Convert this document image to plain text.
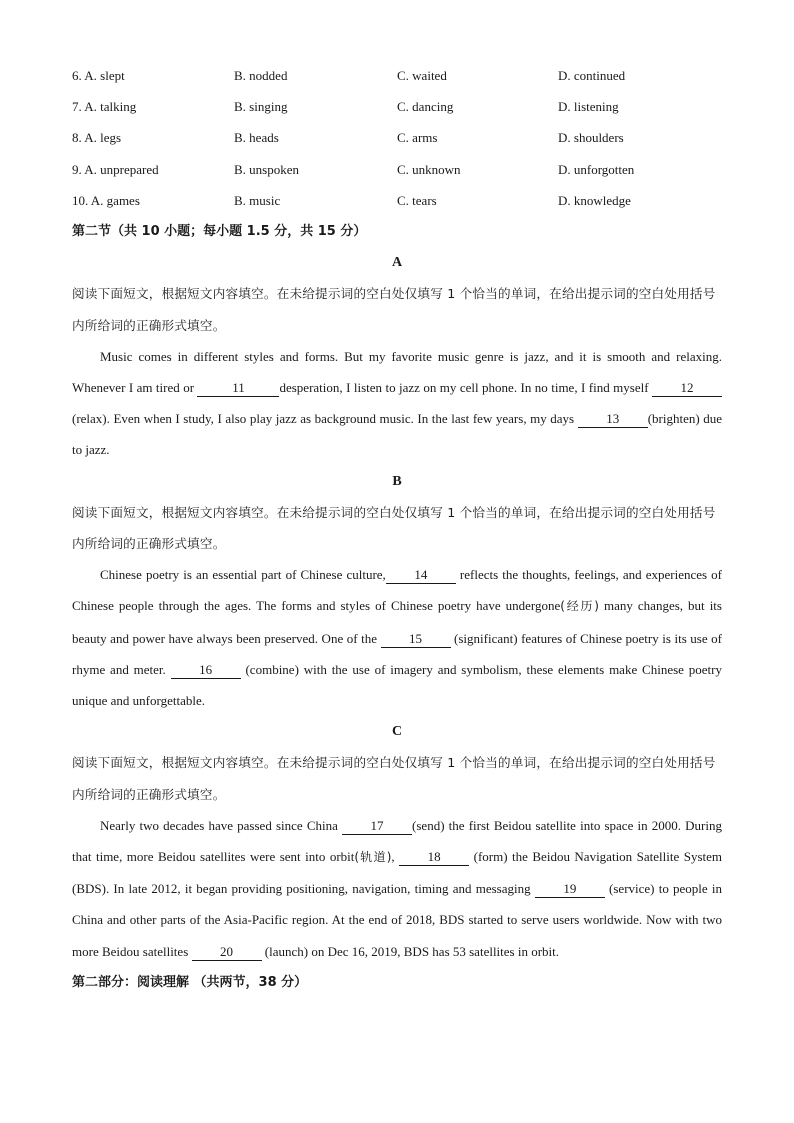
6. A. slept	B. nodded	C. waited	D. continued
7. A. talking	B. singing	C. dancing	D. listening
8. A. legs	B. heads	C. arms	D. shoulders
9. A. unprepared	B. unspoken	C. unknown	D. unforgotten
10. A. games	B. music	C. tears	D. knowledge
第二节（共 10 小题；每小题 1.5 分，共 15 分）
A
阅读下面短文，根据短文内容填空。在未给提示词的空白处仅填写 1 个恰当的单词，在给出提示词的空白处用括号内所给词的正确形式填空。
Music comes in different styles and forms. But my favorite music genre is jazz, and it is smooth and relaxing. Whenever I am tired or	11	desperation, I listen to jazz on my cell phone. In no time, I find myself 12(relax). Even when I study, I also play jazz as background music. In the last few years, my days 13 (brighten) due to jazz.
B
阅读下面短文，根据短文内容填空。在未给提示词的空白处仅填写 1 个恰当的单词，在给出提示词的空白处用括号内所给词的正确形式填空。
Chinese poetry is an essential part of Chinese culture, 14 reflects the thoughts, feelings, and experiences of Chinese people through the ages. The forms and styles of Chinese poetry have undergone(经历) many changes, but its beauty and power have always been preserved. One of the 15 (significant) features of Chinese poetry is its use of rhyme and meter. 16 (combine) with the use of imagery and symbolism, these elements make Chinese poetry unique and unforgettable.
C
阅读下面短文，根据短文内容填空。在未给提示词的空白处仅填写 1 个恰当的单词，在给出提示词的空白处用括号内所给词的正确形式填空。
Nearly two decades have passed since China 17 (send) the first Beidou satellite into space in 2000. During that time, more Beidou satellites were sent into orbit(轨道), 18 (form) the Beidou Navigation Satellite System (BDS). In late 2012, it began providing positioning, navigation, timing and messaging 19 (service) to people in China and other parts of the Asia-Pacific region. At the end of 2018, BDS started to serve users worldwide. Now with two more Beidou satellites 20 (launch) on Dec 16, 2019, BDS has 53 satellites in orbit.
第二部分：阅读理解 （共两节，38 分）
